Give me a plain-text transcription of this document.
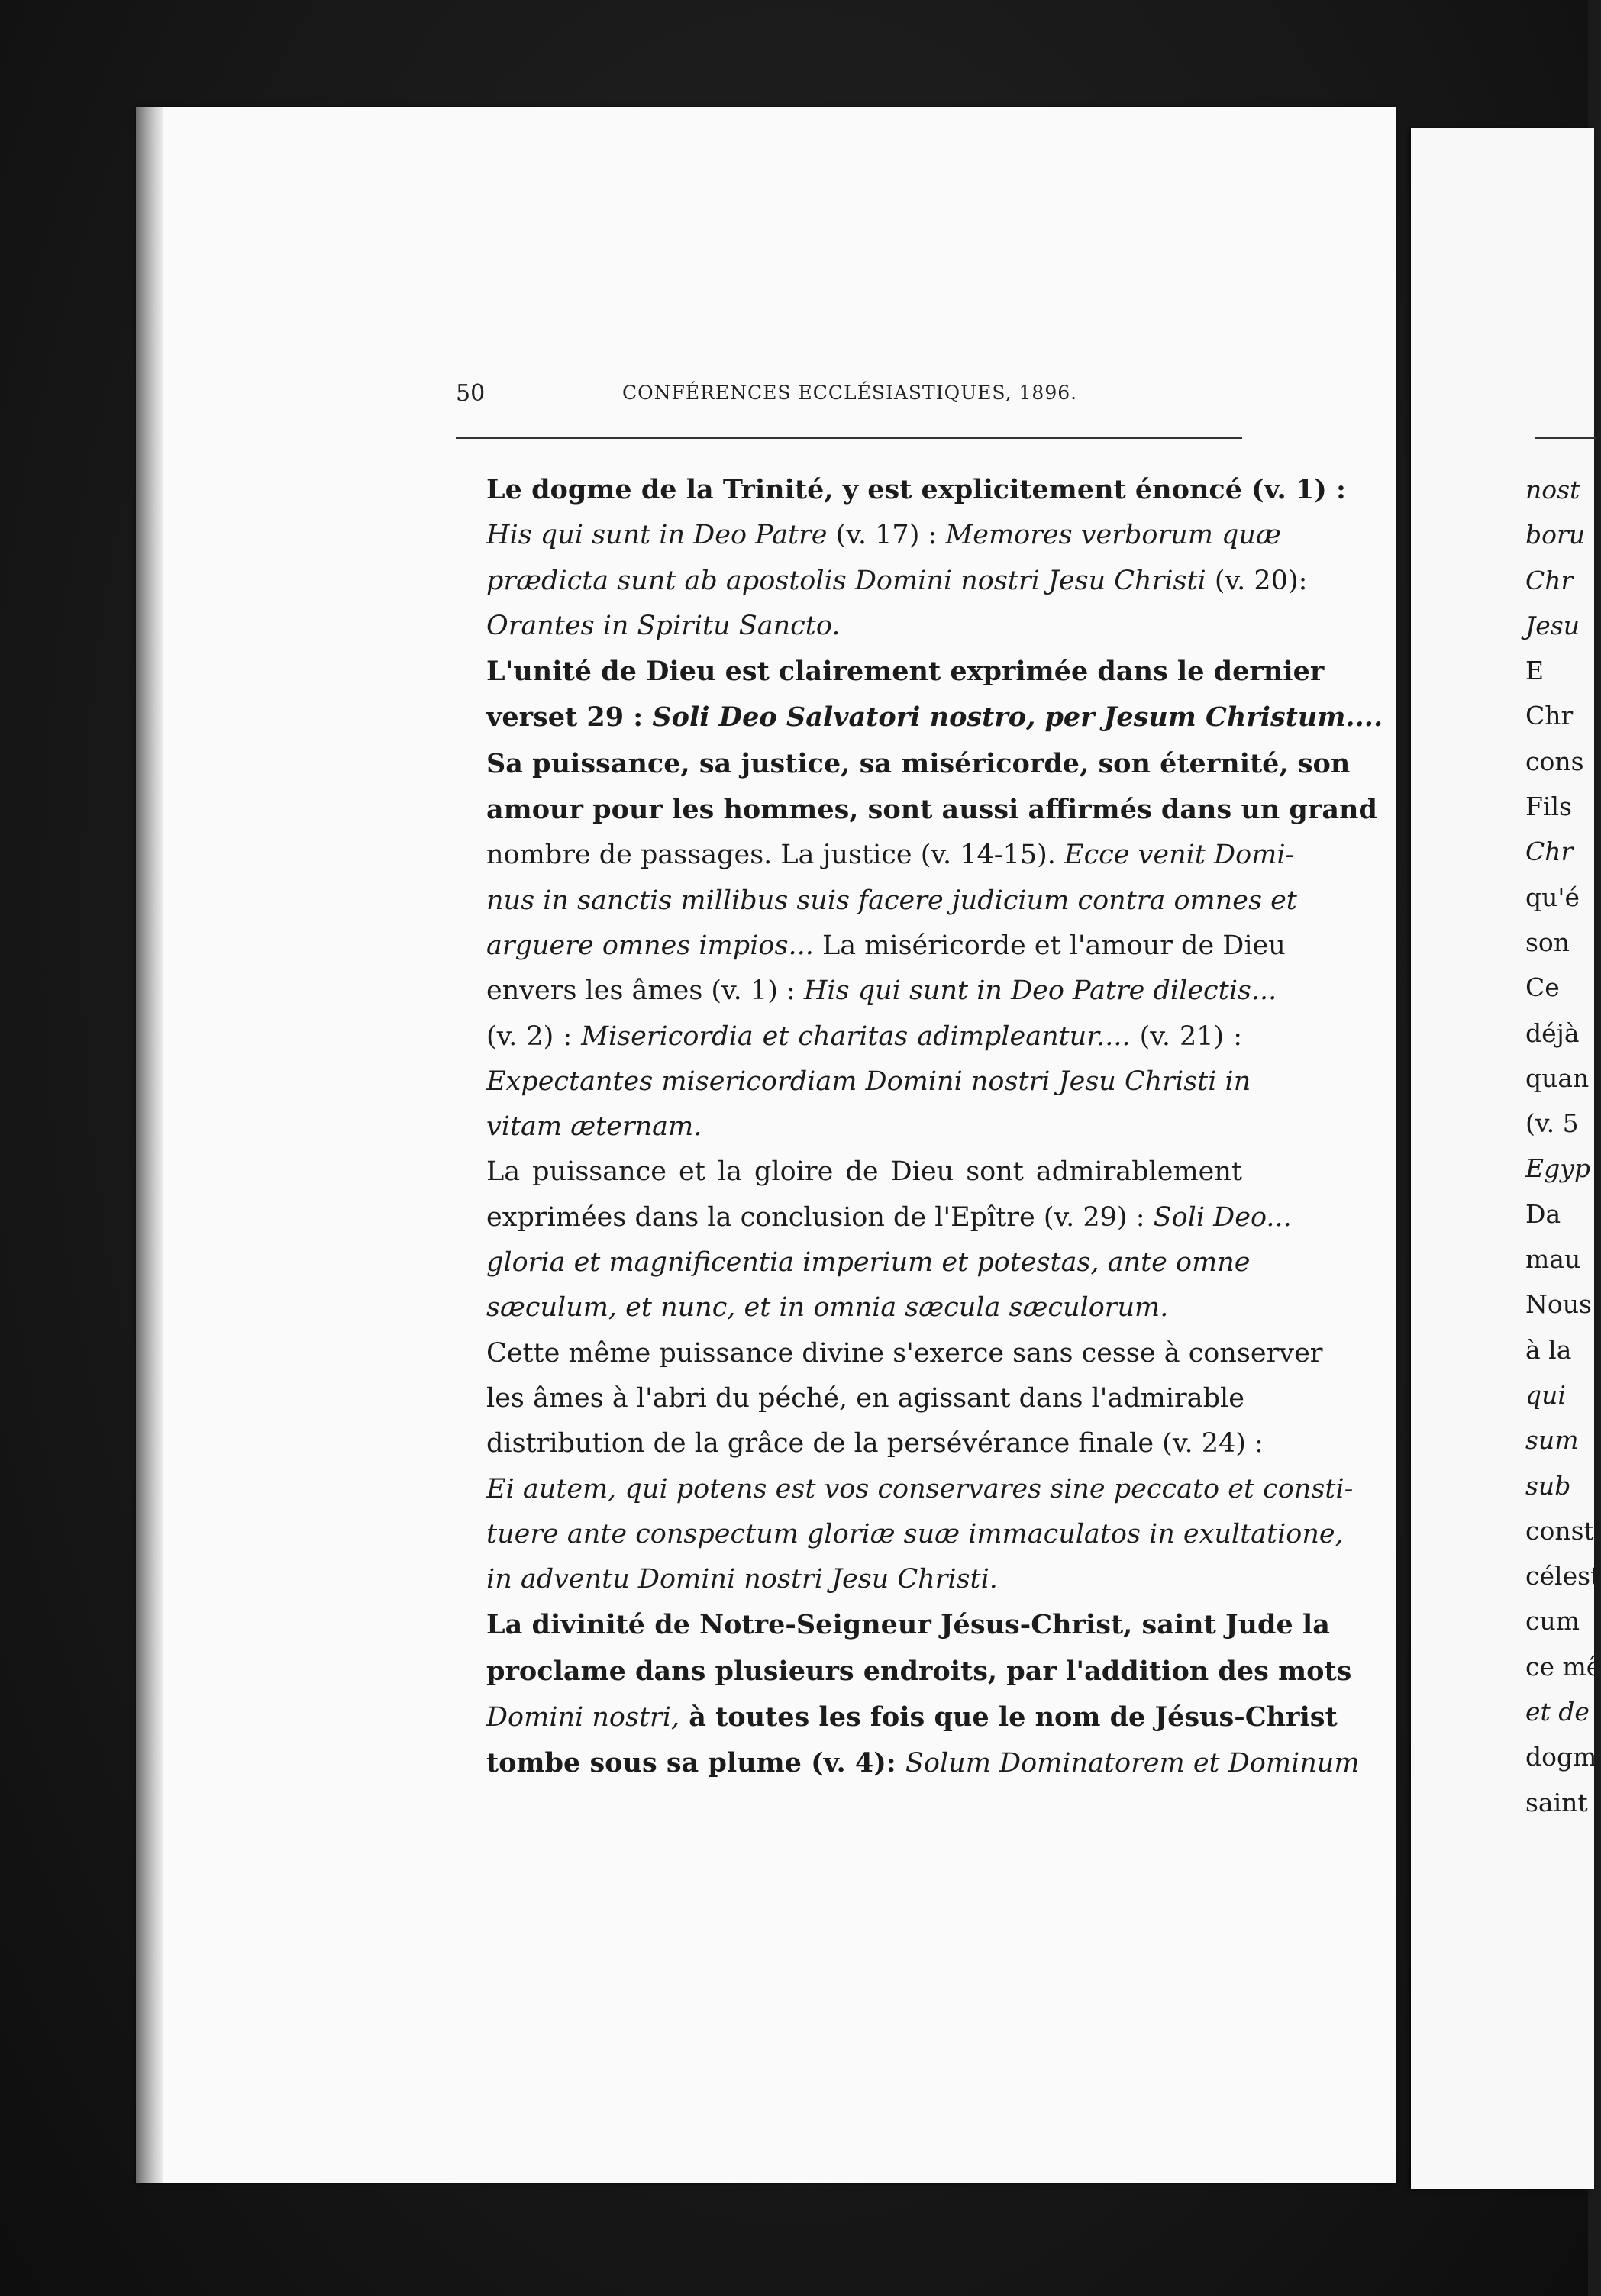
nost
boru
Chr
Jesu
E
Chr
cons
Fils
Chr
qu'é
son
Ce
déjà
quan
(v. 5
Egyp
Da
mau
Nous
à la
qui
sum
sub
const
célest
cum
ce mê
et de
dogm
saint
50	CONFÉRENCES ECCLÉSIASTIQUES, 1896.

Le dogme de la Trinité, y est explicitement énoncé (v. 1) :
His qui sunt in Deo Patre (v. 17) : Memores verborum quæ
prædicta sunt ab apostolis Domini nostri Jesu Christi (v. 20):
Orantes in Spiritu Sancto.

L'unité de Dieu est clairement exprimée dans le dernier
verset 29 : Soli Deo Salvatori nostro, per Jesum Christum....

Sa puissance, sa justice, sa miséricorde, son éternité, son
amour pour les hommes, sont aussi affirmés dans un grand
nombre de passages. La justice (v. 14-15). Ecce venit Domi-
nus in sanctis millibus suis facere judicium contra omnes et
arguere omnes impios... La miséricorde et l'amour de Dieu
envers les âmes (v. 1) : His qui sunt in Deo Patre dilectis...
(v. 2) : Misericordia et charitas adimpleantur.... (v. 21) :
Expectantes misericordiam Domini nostri Jesu Christi in
vitam æternam.

La puissance et la gloire de Dieu sont admirablement
exprimées dans la conclusion de l'Epître (v. 29) : Soli Deo...
gloria et magnificentia imperium et potestas, ante omne
sæculum, et nunc, et in omnia sæcula sæculorum.

Cette même puissance divine s'exerce sans cesse à conserver
les âmes à l'abri du péché, en agissant dans l'admirable
distribution de la grâce de la persévérance finale (v. 24) :
Ei autem, qui potens est vos conservares sine peccato et consti-
tuere ante conspectum gloriæ suæ immaculatos in exultatione,
in adventu Domini nostri Jesu Christi.

La divinité de Notre-Seigneur Jésus-Christ, saint Jude la
proclame dans plusieurs endroits, par l'addition des mots
Domini nostri, à toutes les fois que le nom de Jésus-Christ
tombe sous sa plume (v. 4): Solum Dominatorem et Dominum
